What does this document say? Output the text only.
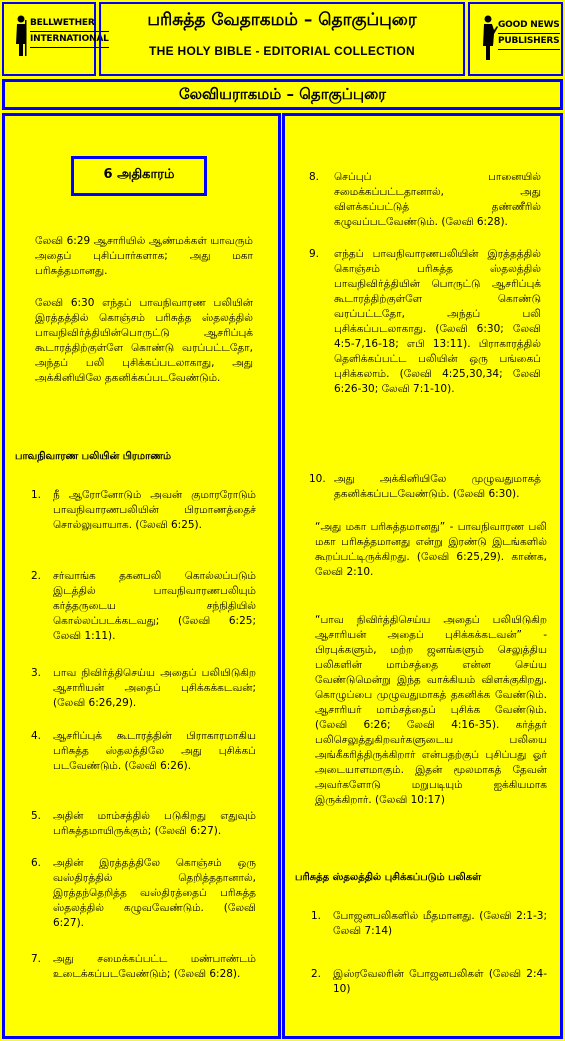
BELLWETHER
INTERNATIONAL
பரிசுத்த வேதாகமம் – தொகுப்புரை
THE HOLY BIBLE - EDITORIAL COLLECTION
GOOD NEWS
PUBLISHERS
லேவியராகமம் – தொகுப்புரை
6 அதிகாரம்
லேவி 6:29 ஆசாரியில் ஆண்மக்கள் யாவரும் அதைப் புசிப்பார்களாக; அது மகா பரிசுத்தமானது.
லேவி 6:30 எந்தப் பாவநிவாரண பலியின் இரத்தத்தில் கொஞ்சம் பரிசுத்த ஸ்தலத்தில் பாவநிவிர்த்தியின்பொருட்டு ஆசரிப்புக் கூடாரத்திற்குள்ளே கொண்டு வரப்பட்டதோ, அந்தப் பலி புசிக்கப்படலாகாது, அது அக்கினியிலே தகனிக்கப்படவேண்டும்.
பாவநிவாரண பலியின் பிரமாணம்
1. நீ ஆரோனோடும் அவன் குமாரரோடும் பாவநிவாரணபலியின் பிரமாணத்தைச் சொல்லுவாயாக. (லேவி 6:25).
2. சர்வாங்க தகனபலி கொல்லப்படும் இடத்தில் பாவநிவாரணபலியும் கர்த்தருடைய சந்நிதியில் கொல்லப்படக்கடவது; (லேவி 6:25; லேவி 1:11).
3. பாவ நிவிர்த்திசெய்ய அதைப் பலியிடுகிற ஆசாரியன் அதைப் புசிக்கக்கடவன்; (லேவி 6:26,29).
4. ஆசரிப்புக் கூடாரத்தின் பிராகாரமாகிய பரிசுத்த ஸ்தலத்திலே அது புசிக்கப் படவேண்டும். (லேவி 6:26).
5. அதின் மாம்சத்தில் படுகிறது எதுவும் பரிசுத்தமாயிருக்கும்; (லேவி 6:27).
6. அதின் இரத்தத்திலே கொஞ்சம் ஒரு வஸ்திரத்தில் தெறித்ததானால், இரத்தந்தெறித்த வஸ்திரத்தைப் பரிசுத்த ஸ்தலத்தில் கழுவவேண்டும். (லேவி 6:27).
7. அது சமைக்கப்பட்ட மண்பாண்டம் உடைக்கப்படவேண்டும்; (லேவி 6:28).
8. செப்புப் பானையில் சமைக்கப்பட்டதானால், அது விளக்கப்பட்டுத் தண்ணீரில் கழுவப்படவேண்டும். (லேவி 6:28).
9. எந்தப் பாவநிவாரணபலியின் இரத்தத்தில் கொஞ்சம் பரிசுத்த ஸ்தலத்தில் பாவநிவிர்த்தியின் பொருட்டு ஆசரிப்புக் கூடாரத்திற்குள்ளே கொண்டு வரப்பட்டதோ, அந்தப் பலி புசிக்கப்படலாகாது. (லேவி 6:30; லேவி 4:5-7,16-18; எபி 13:11). பிராகாரத்தில் தெளிக்கப்பட்ட பலியின் ஒரு பங்கைப் புசிக்கலாம். (லேவி 4:25,30,34; லேவி 6:26-30; லேவி 7:1-10).
10. அது அக்கினியிலே முழுவதுமாகத் தகனிக்கப்படவேண்டும். (லேவி 6:30).
“அது மகா பரிசுத்தமானது” - பாவநிவாரண பலி மகா பரிசுத்தமானது என்று இரண்டு இடங்களில் கூறப்பட்டிருக்கிறது. (லேவி 6:25,29). காண்க, லேவி 2:10.
“பாவ நிவிர்த்திசெய்ய அதைப் பலியிடுகிற ஆசாரியன் அதைப் புசிக்கக்கடவன்” - பிரபுக்களும், மற்ற ஜனங்களும் செலுத்திய பலிகளின் மாம்சத்தை என்ன செய்ய வேண்டுமென்று இந்த வாக்கியம் விளக்குகிறது. கொழுப்பை முழுவதுமாகத் தகனிக்க வேண்டும். ஆசாரியர் மாம்சத்தைப் புசிக்க வேண்டும். (லேவி 6:26; லேவி 4:16-35). கர்த்தர் பலிசெலுத்துகிறவர்களுடைய பலியை அங்கீகரித்திருக்கிறார் என்பதற்குப் புசிப்பது ஓர் அடையாளமாகும். இதன் மூலமாகத் தேவன் அவர்களோடு மறுபடியும் ஐக்கியமாக இருக்கிறார். (லேவி 10:17)
பரிசுத்த ஸ்தலத்தில் புசிக்கப்படும் பலிகள்
1. போஜனபலிகளில் மீதமானது. (லேவி 2:1-3; லேவி 7:14)
2. இஸ்ரவேலரின் போஜனபலிகள் (லேவி 2:4-10)
